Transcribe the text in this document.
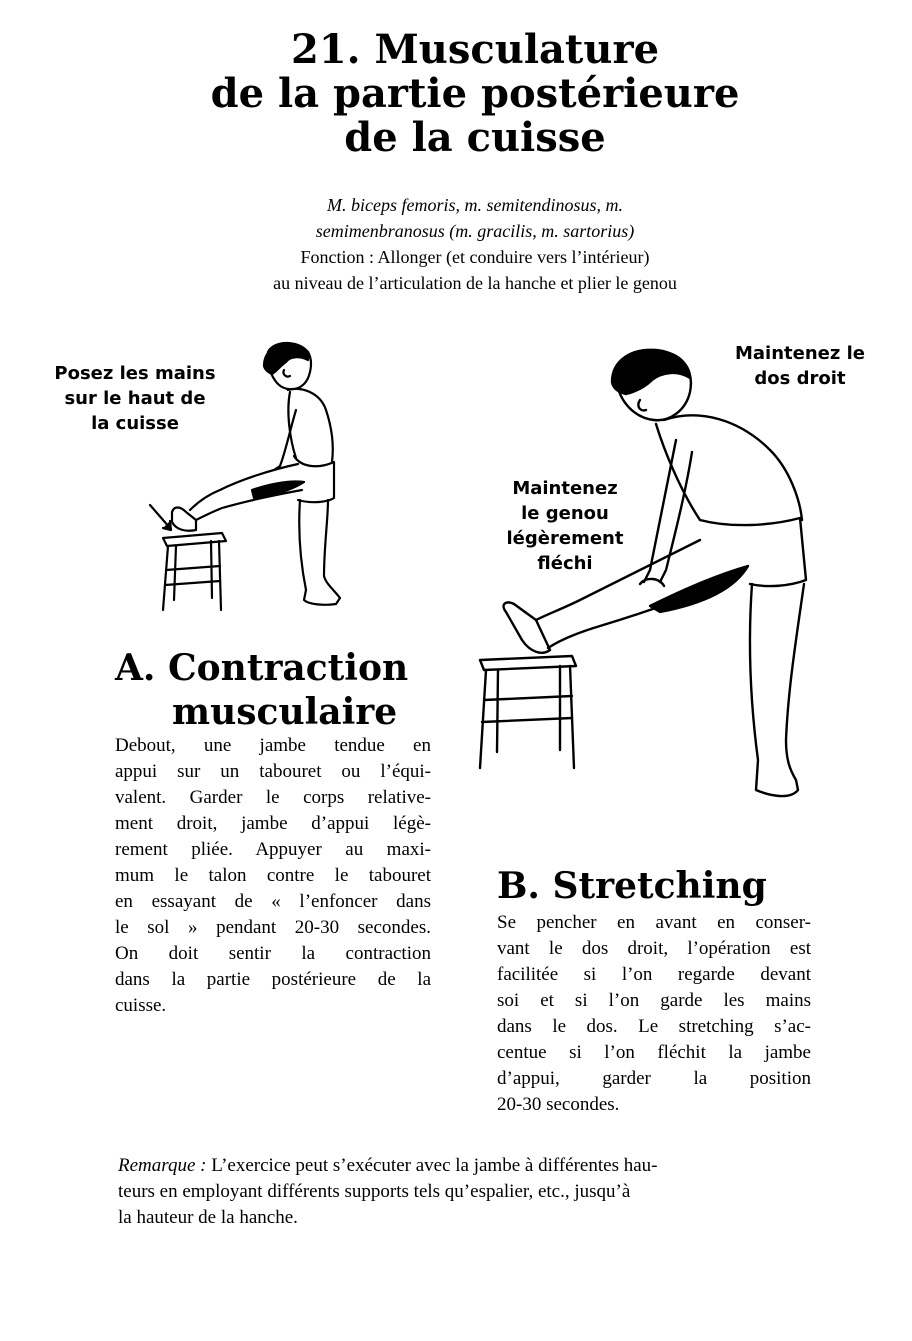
21. Musculature
de la partie postérieure
de la cuisse
M. biceps femoris, m. semitendinosus, m.
semimenbranosus (m. gracilis, m. sartorius)
Fonction : Allonger (et conduire vers l’intérieur)
au niveau de l’articulation de la hanche et plier le genou
Posez les mains
sur le haut de
la cuisse
Maintenez le
dos droit
Maintenez
le genou
légèrement
fléchi
A. Contraction
musculaire
Debout, une jambe tendue en
appui sur un tabouret ou l’équi-
valent. Garder le corps relative-
ment droit, jambe d’appui légè-
rement pliée. Appuyer au maxi-
mum le talon contre le tabouret
en essayant de « l’enfoncer dans
le sol » pendant 20-30 secondes.
On doit sentir la contraction
dans la partie postérieure de la
cuisse.
B. Stretching
Se pencher en avant en conser-
vant le dos droit, l’opération est
facilitée si l’on regarde devant
soi et si l’on garde les mains
dans le dos. Le stretching s’ac-
centue si l’on fléchit la jambe
d’appui, garder la position
20-30 secondes.
Remarque : L’exercice peut s’exécuter avec la jambe à différentes hau-
teurs en employant différents supports tels qu’espalier, etc., jusqu’à
la hauteur de la hanche.
